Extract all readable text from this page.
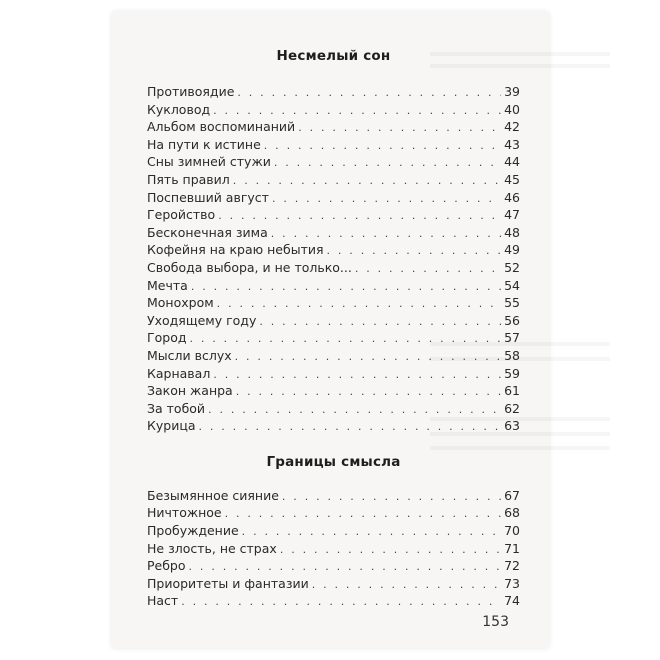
Несмелый сон
Противоядие . . .	39
Кукловод . . .	40
Альбом воспоминаний . . .	42
На пути к истине . . .	43
Сны зимней стужи . . .	44
Пять правил . . .	45
Поспевший август . . .	46
Геройство . . .	47
Бесконечная зима . . .	48
Кофейня на краю небытия . . .	49
Свобода выбора, и не только... . . .	52
Мечта . . .	54
Монохром . . .	55
Уходящему году . . .	56
Город . . .	57
Мысли вслух . . .	58
Карнавал . . .	59
Закон жанра . . .	61
За тобой . . .	62
Курица . . .	63
Границы смысла
Безымянное сияние . . .	67
Ничтожное . . .	68
Пробуждение . . .	70
Не злость, не страх . . .	71
Ребро . . .	72
Приоритеты и фантазии . . .	73
Наст . . .	74
153
